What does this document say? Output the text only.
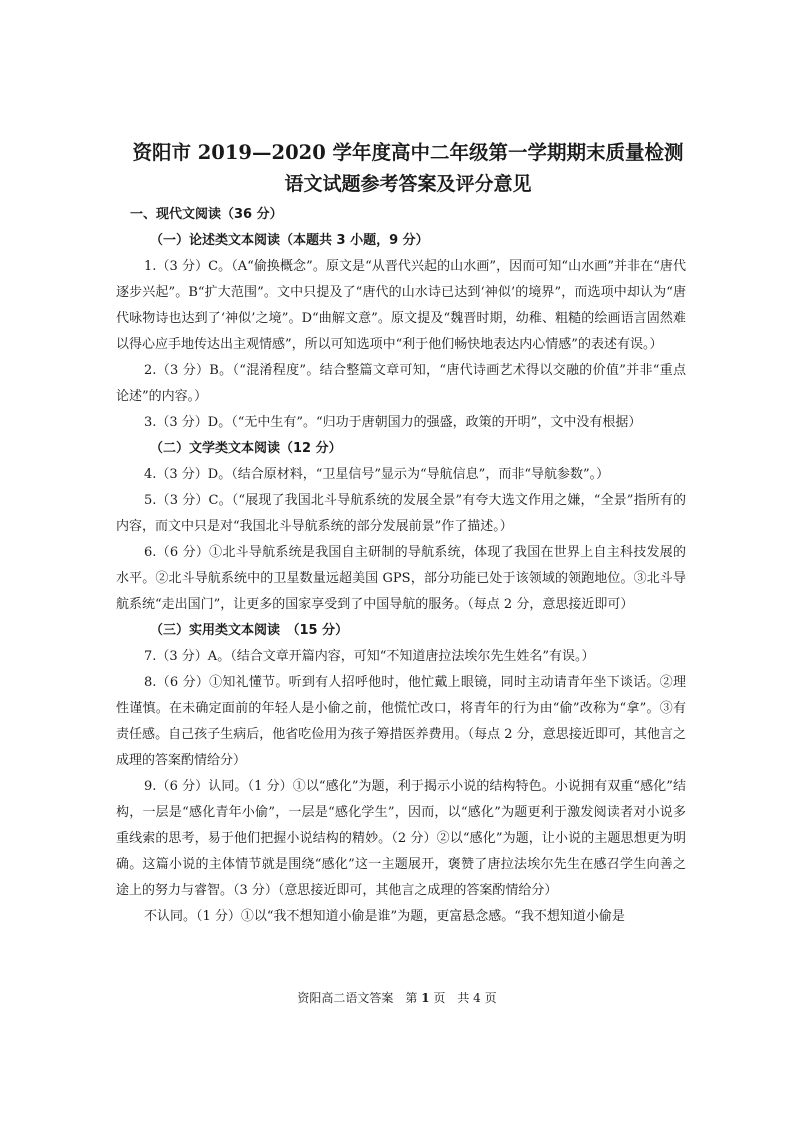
资阳市 2019—2020 学年度高中二年级第一学期期末质量检测
语文试题参考答案及评分意见
一、现代文阅读（36 分）
（一）论述类文本阅读（本题共 3 小题，9 分）

1.（3 分）C。（A“偷换概念”。原文是“从晋代兴起的山水画”，因而可知“山水画”并非在“唐代逐步兴起”。B“扩大范围”。文中只提及了“唐代的山水诗已达到‘神似’的境界”，而选项中却认为“唐代咏物诗也达到了‘神似’之境”。D“曲解文意”。原文提及“魏晋时期，幼稚、粗糙的绘画语言固然难以得心应手地传达出主观情感”，所以可知选项中“利于他们畅快地表达内心情感”的表述有误。）

2.（3 分）B。（“混淆程度”。结合整篇文章可知，“唐代诗画艺术得以交融的价值”并非“重点论述”的内容。）

3.（3 分）D。（“无中生有”。“归功于唐朝国力的强盛，政策的开明”，文中没有根据）

（二）文学类文本阅读（12 分）

4.（3 分）D。（结合原材料，“卫星信号”显示为“导航信息”，而非“导航参数”。）

5.（3 分）C。（“展现了我国北斗导航系统的发展全景”有夸大选文作用之嫌，“全景”指所有的内容，而文中只是对“我国北斗导航系统的部分发展前景”作了描述。）

6.（6 分）①北斗导航系统是我国自主研制的导航系统，体现了我国在世界上自主科技发展的水平。②北斗导航系统中的卫星数量远超美国 GPS，部分功能已处于该领域的领跑地位。③北斗导航系统“走出国门”，让更多的国家享受到了中国导航的服务。（每点 2 分，意思接近即可）

（三）实用类文本阅读　（15 分）

7.（3 分）A。（结合文章开篇内容，可知“不知道唐拉法埃尔先生姓名”有误。）

8.（6 分）①知礼懂节。听到有人招呼他时，他忙戴上眼镜，同时主动请青年坐下谈话。②理性谨慎。在未确定面前的年轻人是小偷之前，他慌忙改口，将青年的行为由“偷”改称为“拿”。③有责任感。自己孩子生病后，他省吃俭用为孩子筹措医养费用。（每点 2 分，意思接近即可，其他言之成理的答案酌情给分）

9.（6 分）认同。（1 分）①以“感化”为题，利于揭示小说的结构特色。小说拥有双重“感化”结构，一层是“感化青年小偷”，一层是“感化学生”，因而，以“感化”为题更利于激发阅读者对小说多重线索的思考，易于他们把握小说结构的精妙。（2 分）②以“感化”为题，让小说的主题思想更为明确。这篇小说的主体情节就是围绕“感化”这一主题展开，褒赞了唐拉法埃尔先生在感召学生向善之途上的努力与睿智。（3 分）（意思接近即可，其他言之成理的答案酌情给分）

不认同。（1 分）①以“我不想知道小偷是谁”为题，更富悬念感。“我不想知道小偷是

资阳高二语文答案　第 1 页　共 4 页
